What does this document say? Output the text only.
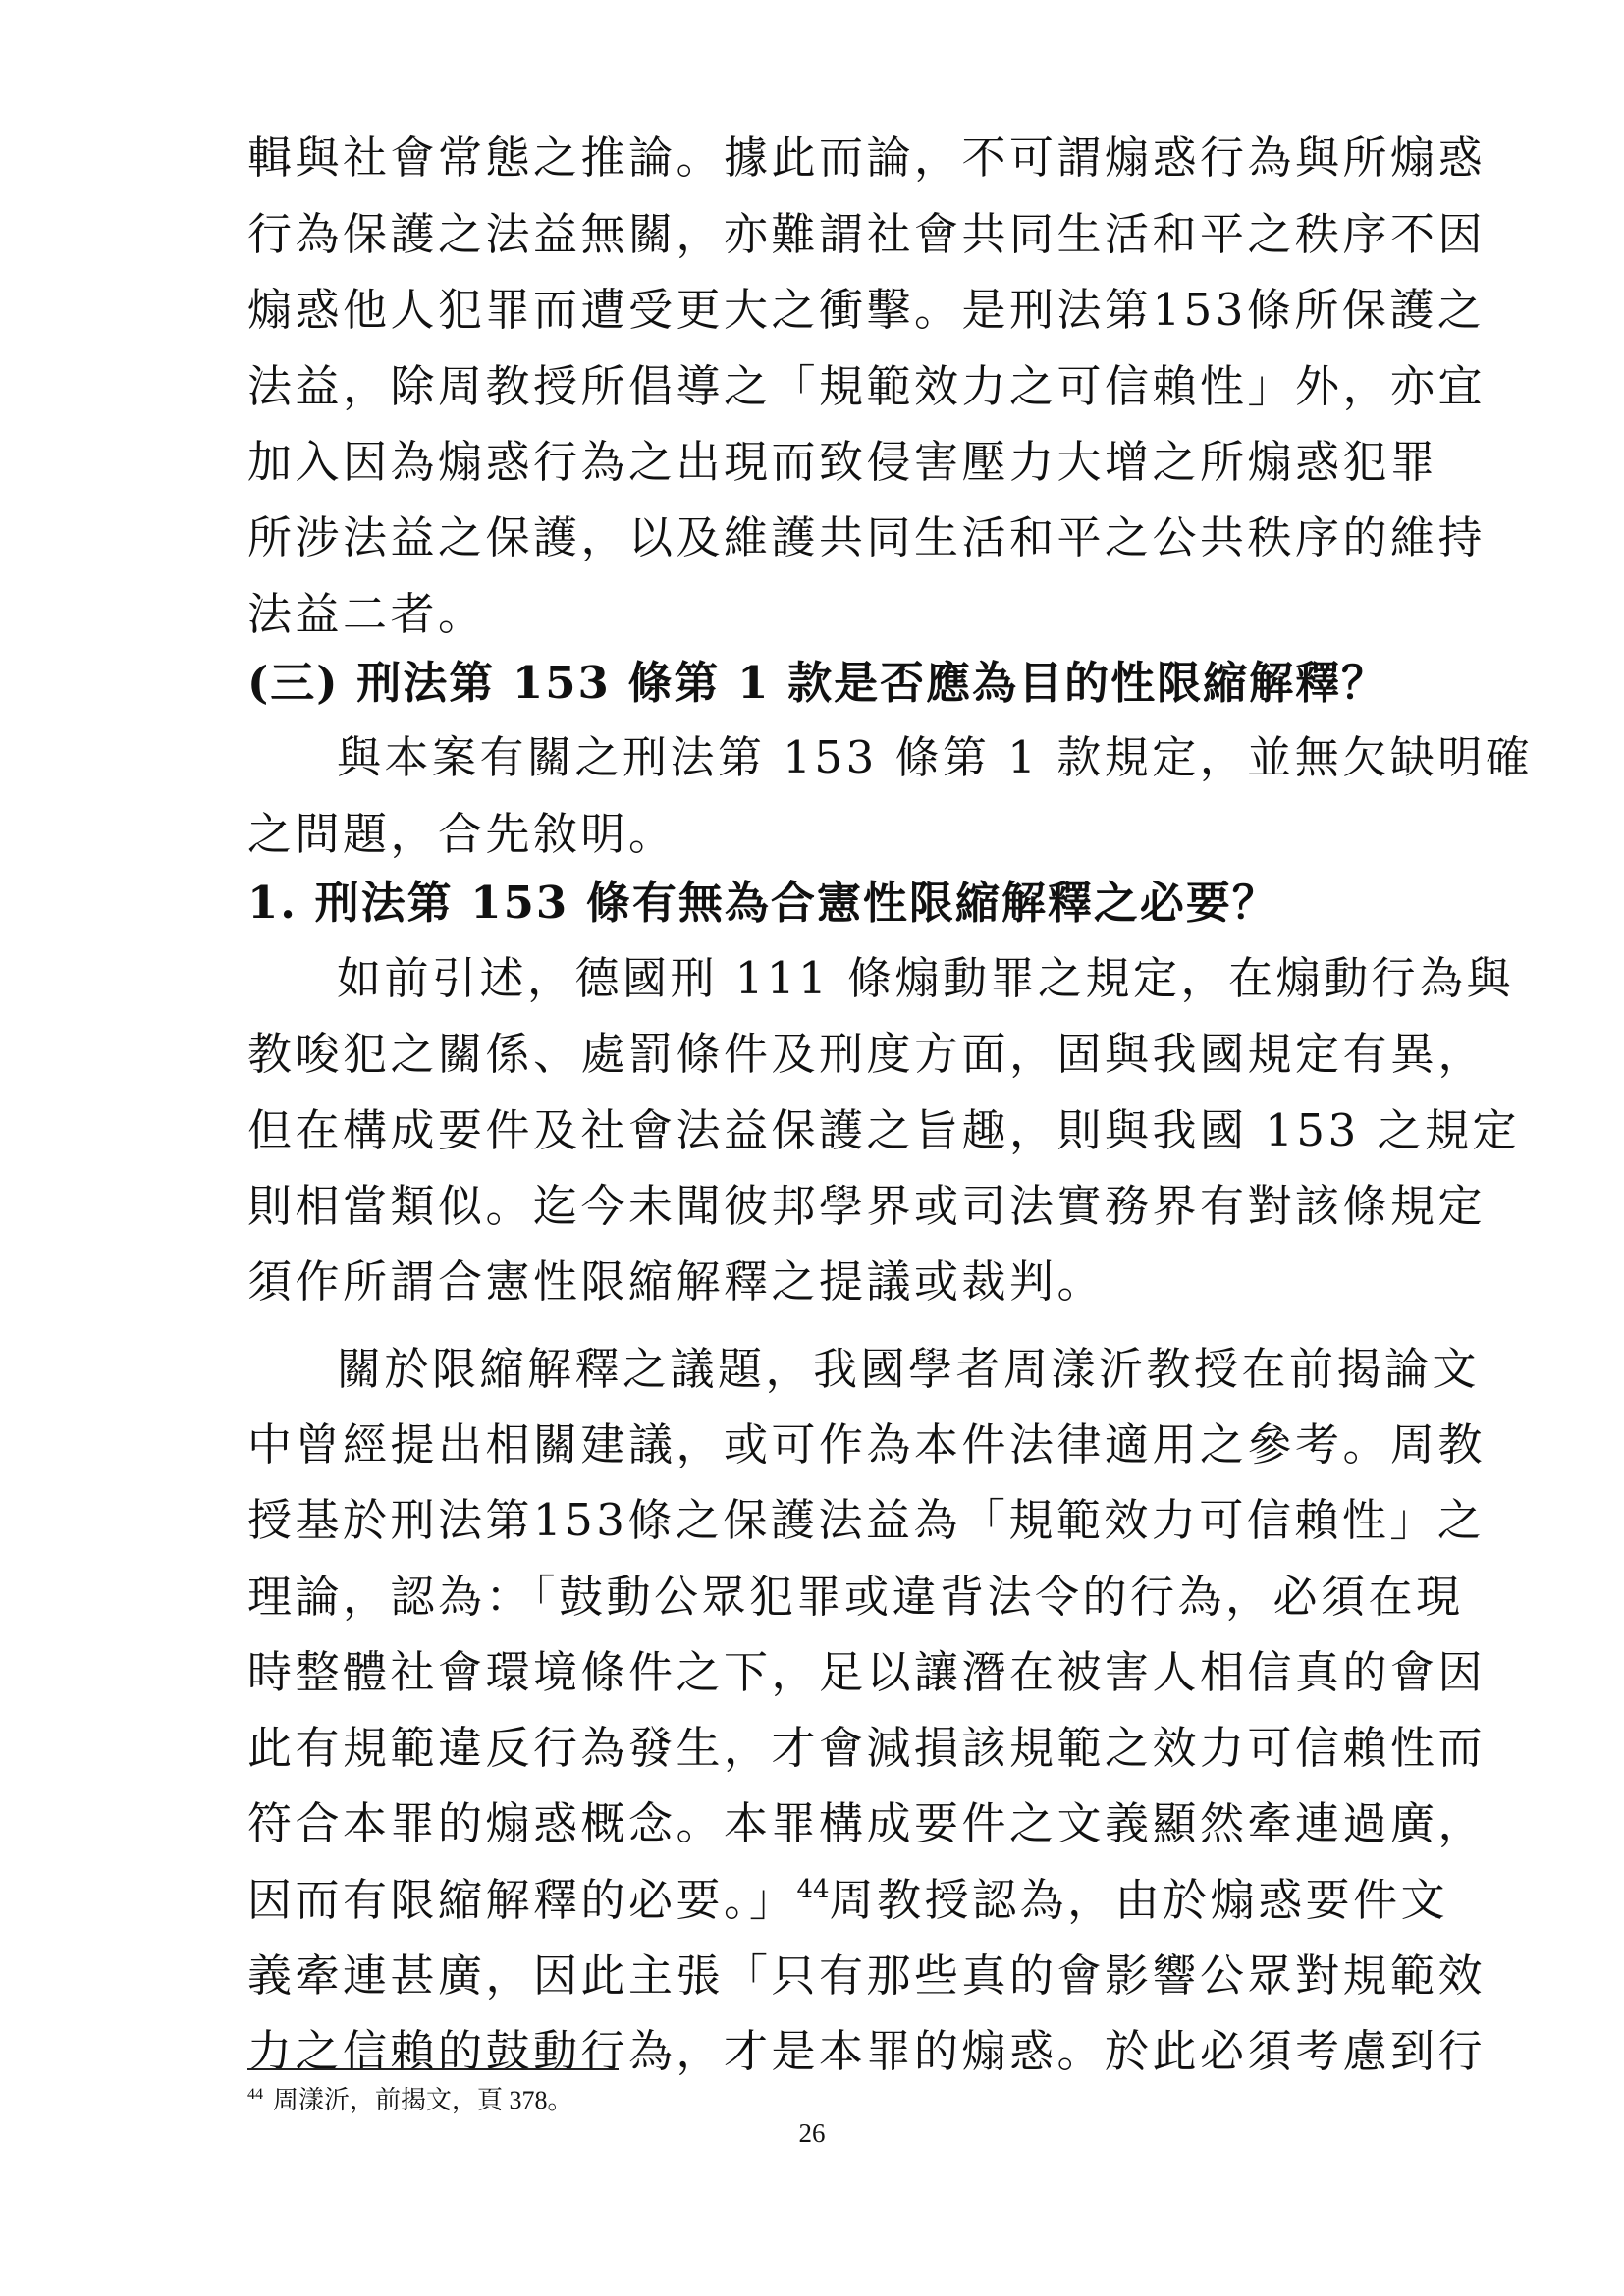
輯與社會常態之推論。據此而論，不可謂煽惑行為與所煽惑
行為保護之法益無關，亦難謂社會共同生活和平之秩序不因
煽惑他人犯罪而遭受更大之衝擊。是刑法第153條所保護之
法益，除周教授所倡導之「規範效力之可信賴性」外，亦宜
加入因為煽惑行為之出現而致侵害壓力大增之所煽惑犯罪
所涉法益之保護，以及維護共同生活和平之公共秩序的維持
法益二者。
(三) 刑法第 153 條第 1 款是否應為目的性限縮解釋？
與本案有關之刑法第 153 條第 1 款規定，並無欠缺明確
之問題，合先敘明。
1. 刑法第 153 條有無為合憲性限縮解釋之必要？
如前引述，德國刑 111 條煽動罪之規定，在煽動行為與
教唆犯之關係、處罰條件及刑度方面，固與我國規定有異，
但在構成要件及社會法益保護之旨趣，則與我國 153 之規定
則相當類似。迄今未聞彼邦學界或司法實務界有對該條規定
須作所謂合憲性限縮解釋之提議或裁判。
關於限縮解釋之議題，我國學者周漾沂教授在前揭論文
中曾經提出相關建議，或可作為本件法律適用之參考。周教
授基於刑法第153條之保護法益為「規範效力可信賴性」之
理論，認為：「鼓動公眾犯罪或違背法令的行為，必須在現
時整體社會環境條件之下，足以讓潛在被害人相信真的會因
此有規範違反行為發生，才會減損該規範之效力可信賴性而
符合本罪的煽惑概念。本罪構成要件之文義顯然牽連過廣，
因而有限縮解釋的必要。」$^{44}$周教授認為，由於煽惑要件文
義牽連甚廣，因此主張「只有那些真的會影響公眾對規範效
力之信賴的鼓動行為，才是本罪的煽惑。於此必須考慮到行
$^{44}$ 周漾沂，前揭文，頁 378。
26
